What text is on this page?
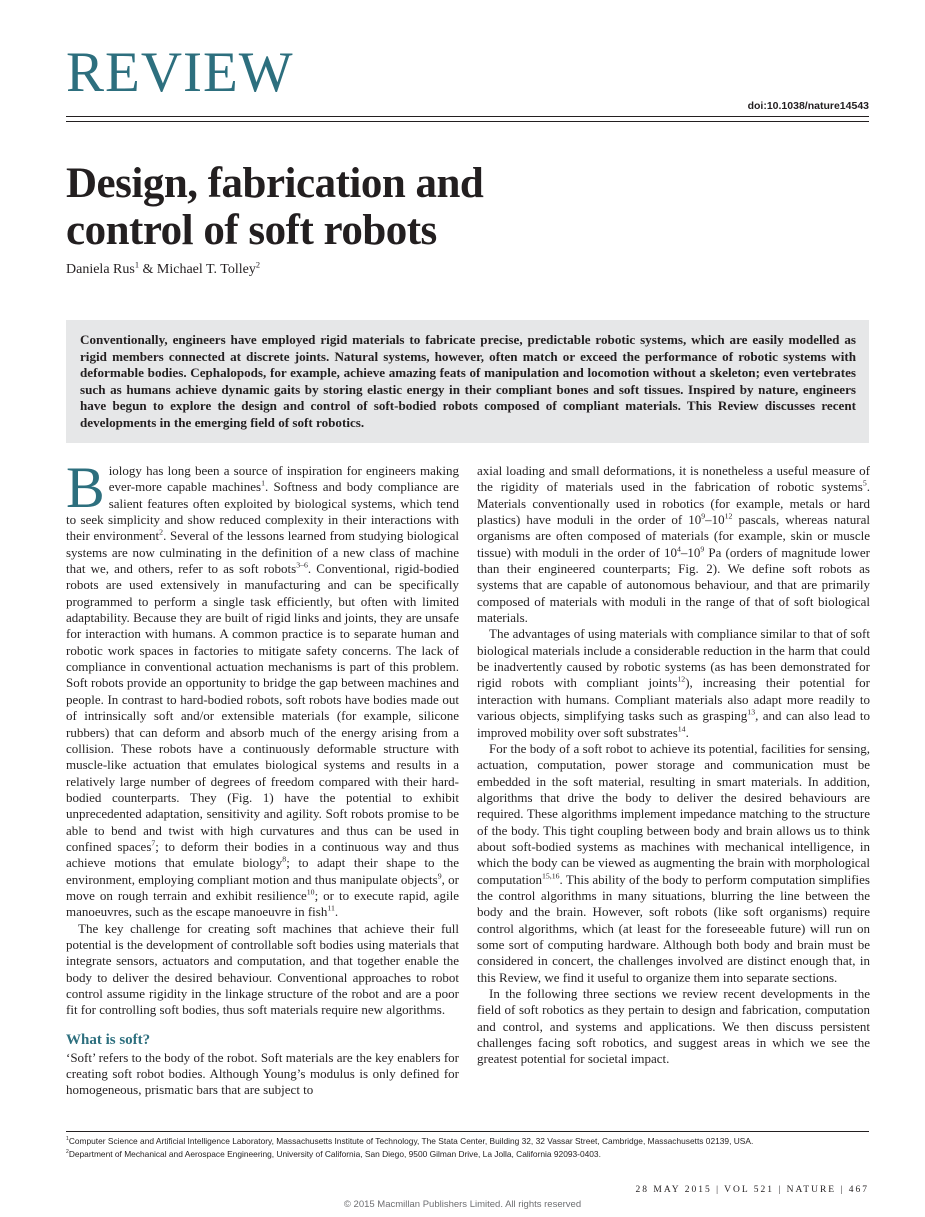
REVIEW
doi:10.1038/nature14543
Design, fabrication and
control of soft robots
Daniela Rus$^1$ & Michael T. Tolley$^2$
Conventionally, engineers have employed rigid materials to fabricate precise, predictable robotic systems, which are easily modelled as rigid members connected at discrete joints. Natural systems, however, often match or exceed the performance of robotic systems with deformable bodies. Cephalopods, for example, achieve amazing feats of manipulation and locomotion without a skeleton; even vertebrates such as humans achieve dynamic gaits by storing elastic energy in their compliant bones and soft tissues. Inspired by nature, engineers have begun to explore the design and control of soft-bodied robots composed of compliant materials. This Review discusses recent developments in the emerging field of soft robotics.

Biology has long been a source of inspiration for engineers making ever-more capable machines$^1$. Softness and body compliance are salient features often exploited by biological systems, which tend to seek simplicity and show reduced complexity in their interactions with their environment$^2$. Several of the lessons learned from studying biological systems are now culminating in the definition of a new class of machine that we, and others, refer to as soft robots$^{3-6}$. Conventional, rigid-bodied robots are used extensively in manufacturing and can be specifically programmed to perform a single task efficiently, but often with limited adaptability. Because they are built of rigid links and joints, they are unsafe for interaction with humans. A common practice is to separate human and robotic work spaces in factories to mitigate safety concerns. The lack of compliance in conventional actuation mechanisms is part of this problem. Soft robots provide an opportunity to bridge the gap between machines and people. In contrast to hard-bodied robots, soft robots have bodies made out of intrinsically soft and/or extensible materials (for example, silicone rubbers) that can deform and absorb much of the energy arising from a collision. These robots have a continuously deformable structure with muscle-like actuation that emulates biological systems and results in a relatively large number of degrees of freedom compared with their hard-bodied counterparts. They (Fig. 1) have the potential to exhibit unprecedented adaptation, sensitivity and agility. Soft robots promise to be able to bend and twist with high curvatures and thus can be used in confined spaces$^7$; to deform their bodies in a continuous way and thus achieve motions that emulate biology$^8$; to adapt their shape to the environment, employing compliant motion and thus manipulate objects$^9$, or move on rough terrain and exhibit resilience$^{10}$; or to execute rapid, agile manoeuvres, such as the escape manoeuvre in fish$^{11}$.

The key challenge for creating soft machines that achieve their full potential is the development of controllable soft bodies using materials that integrate sensors, actuators and computation, and that together enable the body to deliver the desired behaviour. Conventional approaches to robot control assume rigidity in the linkage structure of the robot and are a poor fit for controlling soft bodies, thus soft materials require new algorithms.

What is soft?

‘Soft’ refers to the body of the robot. Soft materials are the key enablers for creating soft robot bodies. Although Young’s modulus is only defined for homogeneous, prismatic bars that are subject to

axial loading and small deformations, it is nonetheless a useful measure of the rigidity of materials used in the fabrication of robotic systems$^5$. Materials conventionally used in robotics (for example, metals or hard plastics) have moduli in the order of $10^9-10^{12}$ pascals, whereas natural organisms are often composed of materials (for example, skin or muscle tissue) with moduli in the order of $10^4-10^9$ Pa (orders of magnitude lower than their engineered counterparts; Fig. 2). We define soft robots as systems that are capable of autonomous behaviour, and that are primarily composed of materials with moduli in the range of that of soft biological materials.

The advantages of using materials with compliance similar to that of soft biological materials include a considerable reduction in the harm that could be inadvertently caused by robotic systems (as has been demonstrated for rigid robots with compliant joints$^{12}$), increasing their potential for interaction with humans. Compliant materials also adapt more readily to various objects, simplifying tasks such as grasping$^{13}$, and can also lead to improved mobility over soft substrates$^{14}$.

For the body of a soft robot to achieve its potential, facilities for sensing, actuation, computation, power storage and communication must be embedded in the soft material, resulting in smart materials. In addition, algorithms that drive the body to deliver the desired behaviours are required. These algorithms implement impedance matching to the structure of the body. This tight coupling between body and brain allows us to think about soft-bodied systems as machines with mechanical intelligence, in which the body can be viewed as augmenting the brain with morphological computation$^{15,16}$. This ability of the body to perform computation simplifies the control algorithms in many situations, blurring the line between the body and the brain. However, soft robots (like soft organisms) require control algorithms, which (at least for the foreseeable future) will run on some sort of computing hardware. Although both body and brain must be considered in concert, the challenges involved are distinct enough that, in this Review, we find it useful to organize them into separate sections.

In the following three sections we review recent developments in the field of soft robotics as they pertain to design and fabrication, computation and control, and systems and applications. We then discuss persistent challenges facing soft robotics, and suggest areas in which we see the greatest potential for societal impact.

$^1$Computer Science and Artificial Intelligence Laboratory, Massachusetts Institute of Technology, The Stata Center, Building 32, 32 Vassar Street, Cambridge, Massachusetts 02139, USA.
$^2$Department of Mechanical and Aerospace Engineering, University of California, San Diego, 9500 Gilman Drive, La Jolla, California 92093-0403.
28 MAY 2015 | VOL 521 | NATURE | 467
© 2015 Macmillan Publishers Limited. All rights reserved
